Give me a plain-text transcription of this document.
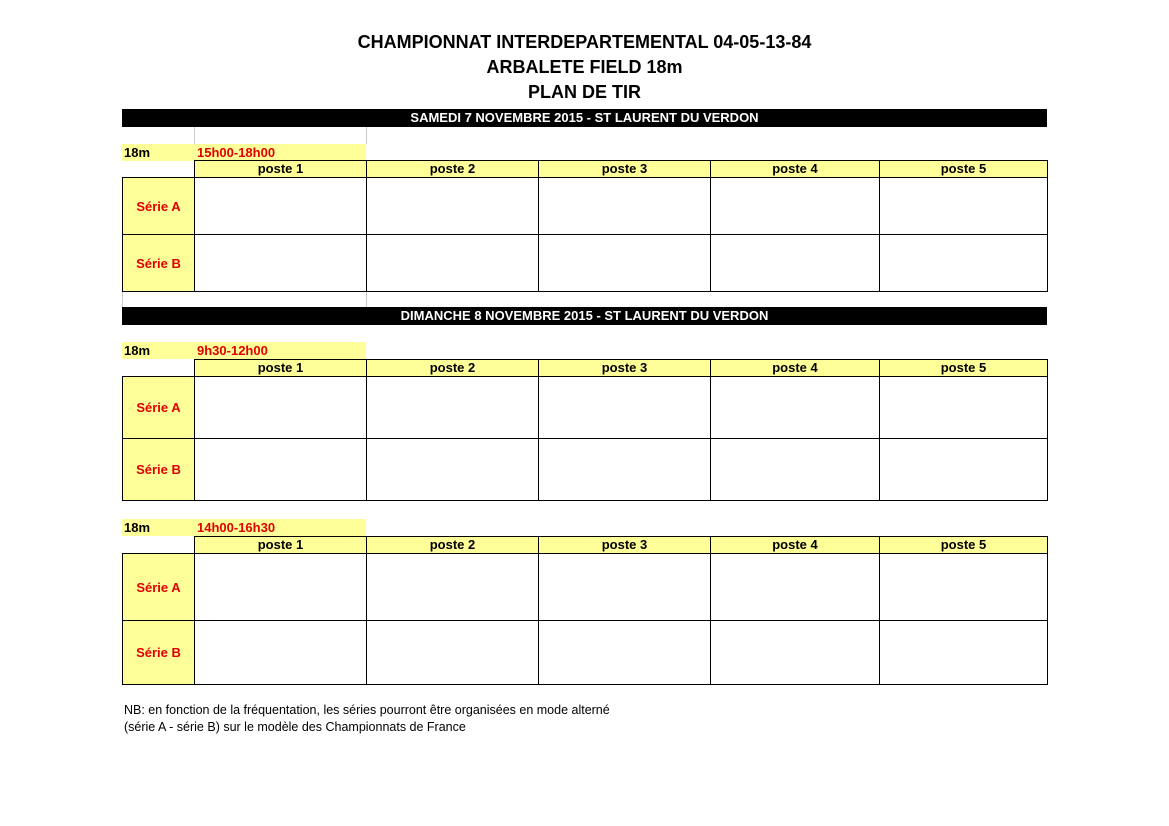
CHAMPIONNAT INTERDEPARTEMENTAL 04-05-13-84
ARBALETE FIELD 18m
PLAN DE TIR
SAMEDI 7 NOVEMBRE 2015 - ST LAURENT DU VERDON
18m	15h00-18h00
	poste 1	poste 2	poste 3	poste 4	poste 5
Série A					
Série B					
DIMANCHE 8 NOVEMBRE 2015 - ST LAURENT DU VERDON
18m	9h30-12h00
	poste 1	poste 2	poste 3	poste 4	poste 5
Série A					
Série B					
18m	14h00-16h30
	poste 1	poste 2	poste 3	poste 4	poste 5
Série A					
Série B					
NB: en fonction de la fréquentation, les séries pourront être organisées en mode alterné
(série A - série B) sur le modèle des Championnats de France
